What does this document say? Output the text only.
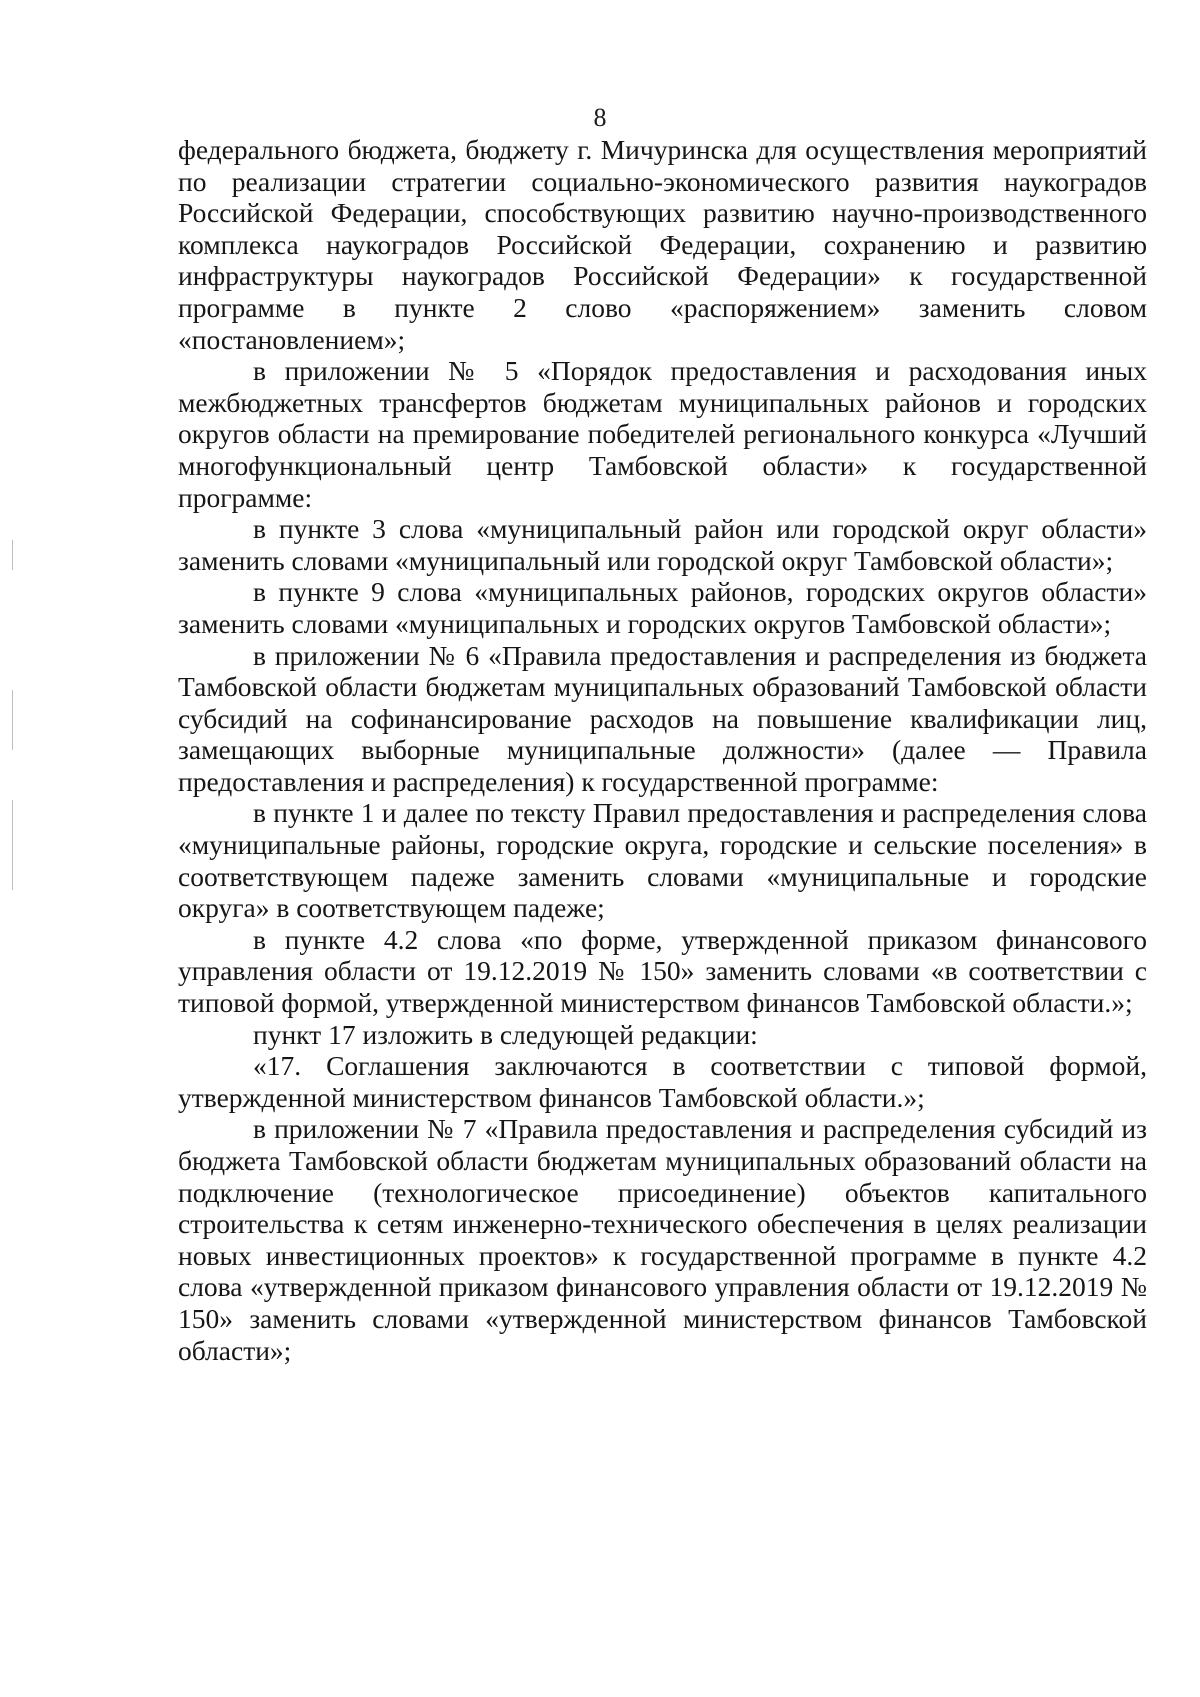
8

федерального бюджета, бюджету г. Мичуринска для осуществления мероприятий по реализации стратегии социально-экономического развития наукоградов Российской Федерации, способствующих развитию научно-производственного комплекса наукоградов Российской Федерации, сохранению и развитию инфраструктуры наукоградов Российской Федерации» к государственной программе в пункте 2 слово «распоряжением» заменить словом «постановлением»;

в приложении № 5 «Порядок предоставления и расходования иных межбюджетных трансфертов бюджетам муниципальных районов и городских округов области на премирование победителей регионального конкурса «Лучший многофункциональный центр Тамбовской области» к государственной программе:

в пункте 3 слова «муниципальный район или городской округ области» заменить словами «муниципальный или городской округ Тамбовской области»;

в пункте 9 слова «муниципальных районов, городских округов области» заменить словами «муниципальных и городских округов Тамбовской области»;

в приложении № 6 «Правила предоставления и распределения из бюджета Тамбовской области бюджетам муниципальных образований Тамбовской области субсидий на софинансирование расходов на повышение квалификации лиц, замещающих выборные муниципальные должности» (далее — Правила предоставления и распределения) к государственной программе:

в пункте 1 и далее по тексту Правил предоставления и распределения слова «муниципальные районы, городские округа, городские и сельские поселения» в соответствующем падеже заменить словами «муниципальные и городские округа» в соответствующем падеже;

в пункте 4.2 слова «по форме, утвержденной приказом финансового управления области от 19.12.2019 № 150» заменить словами «в соответствии с типовой формой, утвержденной министерством финансов Тамбовской области.»;

пункт 17 изложить в следующей редакции:

«17. Соглашения заключаются в соответствии с типовой формой, утвержденной министерством финансов Тамбовской области.»;

в приложении № 7 «Правила предоставления и распределения субсидий из бюджета Тамбовской области бюджетам муниципальных образований области на подключение (технологическое присоединение) объектов капитального строительства к сетям инженерно-технического обеспечения в целях реализации новых инвестиционных проектов» к государственной программе в пункте 4.2 слова «утвержденной приказом финансового управления области от 19.12.2019 № 150» заменить словами «утвержденной министерством финансов Тамбовской области»;
